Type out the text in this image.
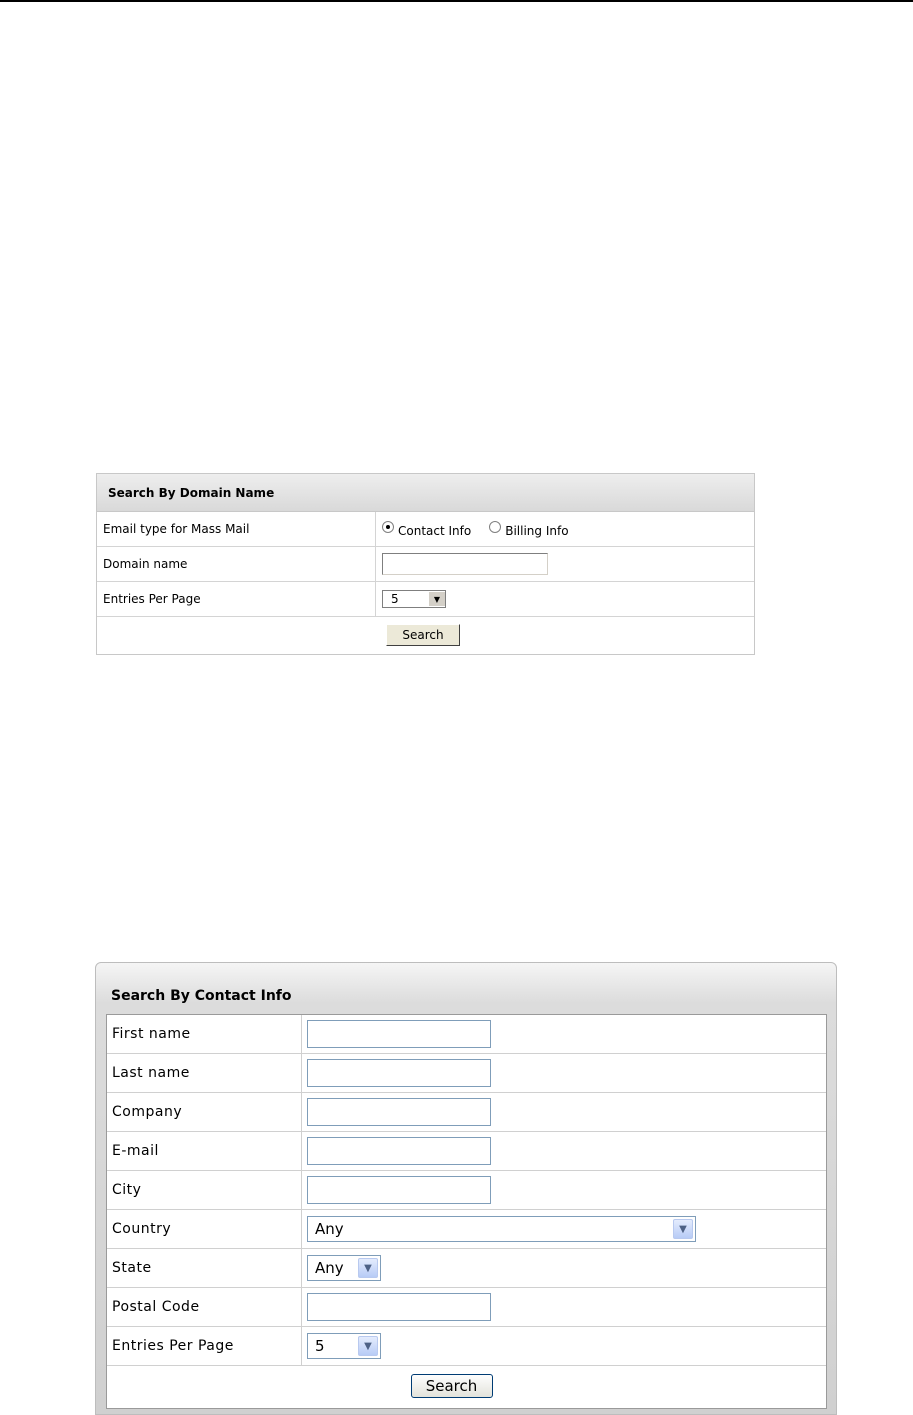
Search By Domain Name
Email type for Mass Mail	Contact Info	Billing Info
Domain name
Entries Per Page	5	▼
Search
Search By Contact Info
First name
Last name
Company
E-mail
City
Country	Any	▼
State	Any	▼
Postal Code
Entries Per Page	5	▼
Search
